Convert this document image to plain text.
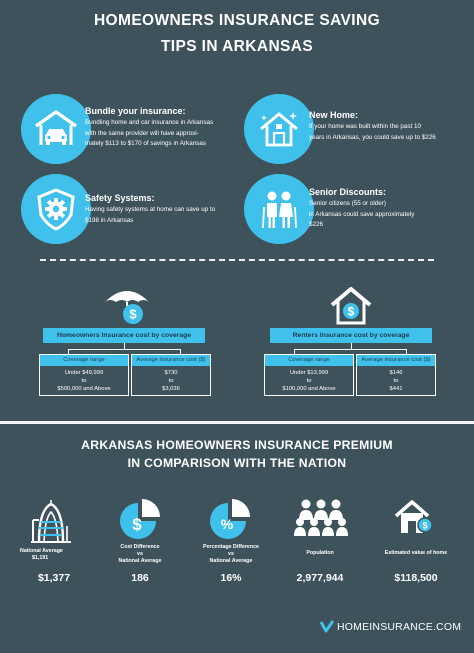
HOMEOWNERS INSURANCE SAVING
TIPS IN ARKANSAS
Bundle your insurance:
Bundling home and car insurance in Arkansas
with the same provider will have approxi-
mately $113 to $170 of savings in Arkansas
New Home:
If your home was built within the past 10
years in Arkansas, you could save up to $226
Safety Systems:
Having safety systems at home can save up to
$198 in Arkansas
Senior Discounts:
Senior citizens (55 or older)
in Arkansas could save approximately
$226
$
Homeowners Insurance cost by coverage
Coverage range
Under $49,999
to
$500,000 and Above
Average insurance cost ($)
$730
to
$3,036
$
Renters Insurance cost by coverage
Coverage range
Under $13,999
to
$100,000 and Above
Average insurance cost ($)
$146
to
$441
ARKANSAS HOMEOWNERS INSURANCE PREMIUM
IN COMPARISON WITH THE NATION
National Average
$1,191
$1,377
$
Cost Difference
vs
National Average
186
%
Percentage Difference
vs
National Average
16%
Population
2,977,944
$
Estimated value of home
$118,500
HOMEINSURANCE.COM
